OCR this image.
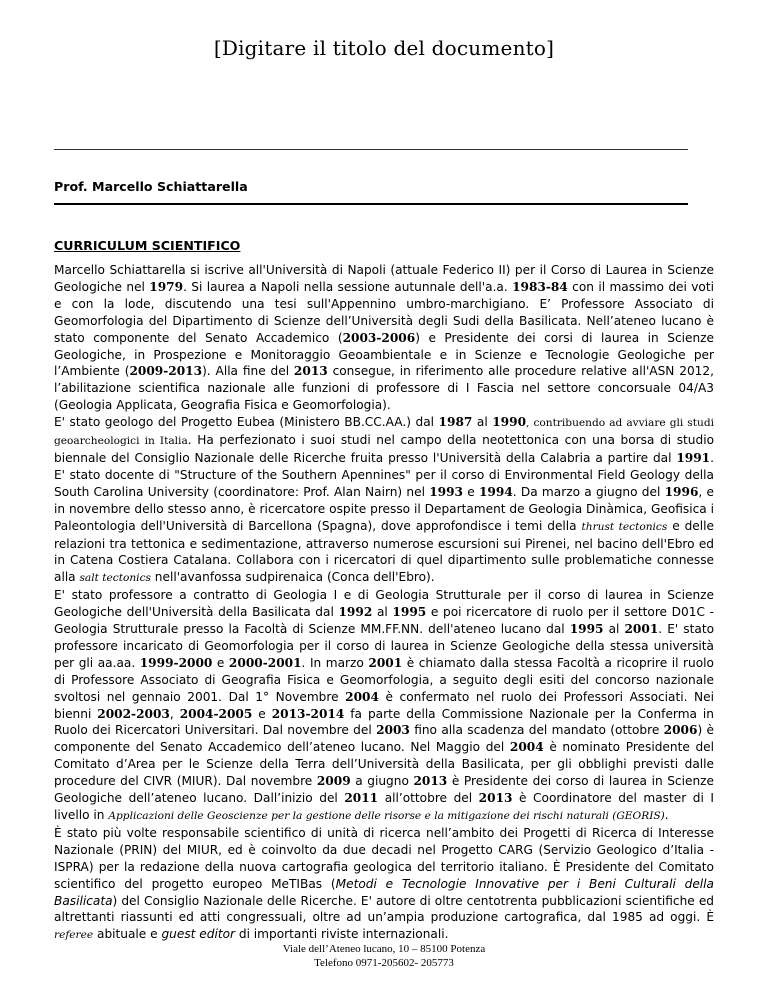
[Digitare il titolo del documento]
Prof. Marcello Schiattarella
CURRICULUM SCIENTIFICO

Marcello Schiattarella si iscrive all'Università di Napoli (attuale Federico II) per il Corso di Laurea in Scienze Geologiche nel 1979. Si laurea a Napoli nella sessione autunnale dell'a.a. 1983-84 con il massimo dei voti e con la lode, discutendo una tesi sull'Appennino umbro-marchigiano. E’ Professore Associato di Geomorfologia del Dipartimento di Scienze dell’Università degli Sudi della Basilicata. Nell’ateneo lucano è stato componente del Senato Accademico (2003-2006) e Presidente dei corsi di laurea in Scienze Geologiche, in Prospezione e Monitoraggio Geoambientale e in Scienze e Tecnologie Geologiche per l’Ambiente (2009-2013). Alla fine del 2013 consegue, in riferimento alle procedure relative all'ASN 2012, l’abilitazione scientifica nazionale alle funzioni di professore di I Fascia nel settore concorsuale 04/A3 (Geologia Applicata, Geografia Fisica e Geomorfologia).

E' stato geologo del Progetto Eubea (Ministero BB.CC.AA.) dal 1987 al 1990, contribuendo ad avviare gli studi geoarcheologici in Italia. Ha perfezionato i suoi studi nel campo della neotettonica con una borsa di studio biennale del Consiglio Nazionale delle Ricerche fruita presso l'Università della Calabria a partire dal 1991. E' stato docente di "Structure of the Southern Apennines" per il corso di Environmental Field Geology della South Carolina University (coordinatore: Prof. Alan Nairn) nel 1993 e 1994. Da marzo a giugno del 1996, e in novembre dello stesso anno, è ricercatore ospite presso il Departament de Geologia Dinàmica, Geofisica i Paleontologia dell'Università di Barcellona (Spagna), dove approfondisce i temi della thrust tectonics e delle relazioni tra tettonica e sedimentazione, attraverso numerose escursioni sui Pirenei, nel bacino dell'Ebro ed in Catena Costiera Catalana. Collabora con i ricercatori di quel dipartimento sulle problematiche connesse alla salt tectonics nell'avanfossa sudpirenaica (Conca dell'Ebro).

E' stato professore a contratto di Geologia I e di Geologia Strutturale per il corso di laurea in Scienze Geologiche dell'Università della Basilicata dal 1992 al 1995 e poi ricercatore di ruolo per il settore D01C - Geologia Strutturale presso la Facoltà di Scienze MM.FF.NN. dell'ateneo lucano dal 1995 al 2001. E' stato professore incaricato di Geomorfologia per il corso di laurea in Scienze Geologiche della stessa università per gli aa.aa. 1999-2000 e 2000-2001. In marzo 2001 è chiamato dalla stessa Facoltà a ricoprire il ruolo di Professore Associato di Geografia Fisica e Geomorfologia, a seguito degli esiti del concorso nazionale svoltosi nel gennaio 2001. Dal 1° Novembre 2004 è confermato nel ruolo dei Professori Associati. Nei bienni 2002-2003, 2004-2005 e 2013-2014 fa parte della Commissione Nazionale per la Conferma in Ruolo dei Ricercatori Universitari. Dal novembre del 2003 fino alla scadenza del mandato (ottobre 2006) è componente del Senato Accademico dell’ateneo lucano. Nel Maggio del 2004 è nominato Presidente del Comitato d’Area per le Scienze della Terra dell’Università della Basilicata, per gli obblighi previsti dalle procedure del CIVR (MIUR). Dal novembre 2009 a giugno 2013 è Presidente dei corso di laurea in Scienze Geologiche dell’ateneo lucano. Dall’inizio del 2011 all’ottobre del 2013 è Coordinatore del master di I livello in Applicazioni delle Geoscienze per la gestione delle risorse e la mitigazione dei rischi naturali (GEORIS).

È stato più volte responsabile scientifico di unità di ricerca nell’ambito dei Progetti di Ricerca di Interesse Nazionale (PRIN) del MIUR, ed è coinvolto da due decadi nel Progetto CARG (Servizio Geologico d’Italia - ISPRA) per la redazione della nuova cartografia geologica del territorio italiano. È Presidente del Comitato scientifico del progetto europeo MeTIBas (Metodi e Tecnologie Innovative per i Beni Culturali della Basilicata) del Consiglio Nazionale delle Ricerche. E' autore di oltre centotrenta pubblicazioni scientifiche ed altrettanti riassunti ed atti congressuali, oltre ad un’ampia produzione cartografica, dal 1985 ad oggi. È referee abituale e guest editor di importanti riviste internazionali.

Viale dell’Ateneo lucano, 10 – 85100 Potenza
Telefono 0971-205602- 205773
